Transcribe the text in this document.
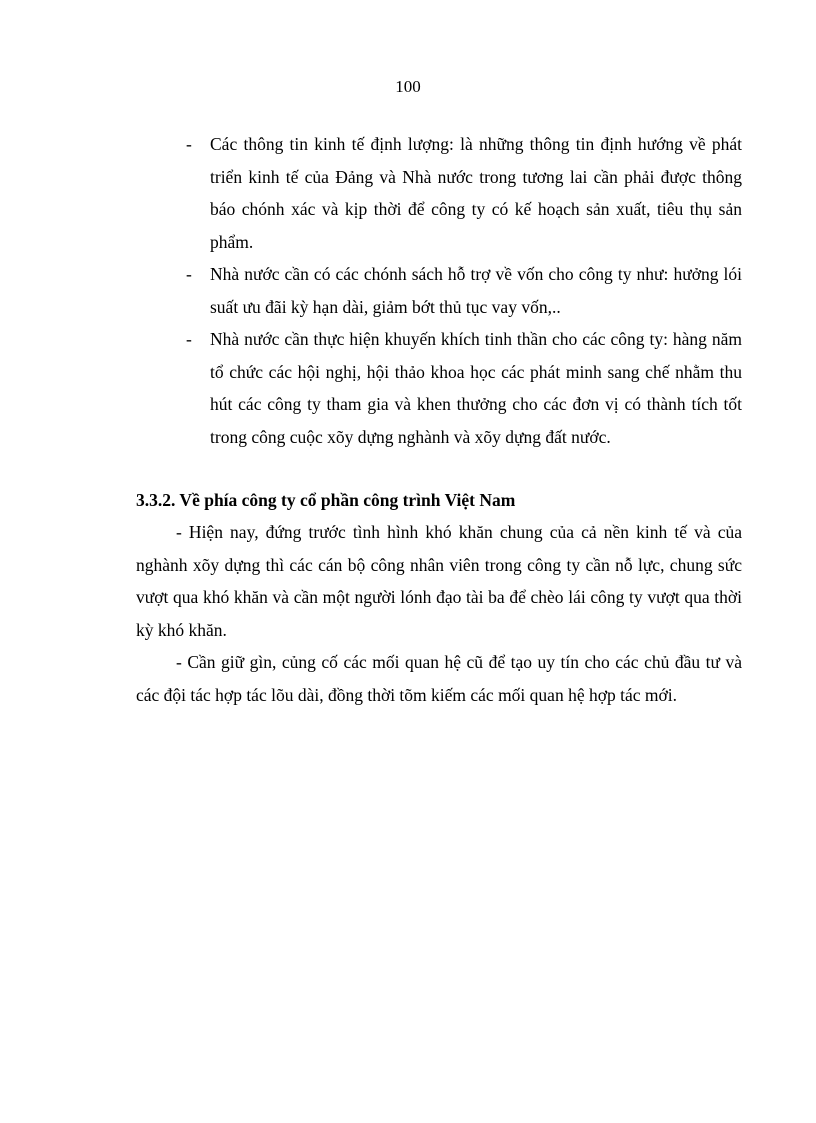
100
- Các thông tin kinh tế định lượng: là những thông tin định hướng về phát triển kinh tế của Đảng và Nhà nước trong tương lai cần phải được thông báo chónh xác và kịp thời để công ty có kế hoạch sản xuất, tiêu thụ sản phẩm.
- Nhà nước cần có các chónh sách hỗ trợ về vốn cho công ty như: hưởng lói suất ưu đãi kỳ hạn dài, giảm bớt thủ tục vay vốn,..
- Nhà nước cần thực hiện khuyến khích tinh thần cho các công ty: hàng năm tổ chức các hội nghị, hội thảo khoa học các phát minh sang chế nhằm thu hút các công ty tham gia và khen thưởng cho các đơn vị có thành tích tốt trong công cuộc xõy dựng nghành và xõy dựng đất nước.
3.3.2. Về phía công ty cổ phần công trình Việt Nam

- Hiện nay, đứng trước tình hình khó khăn chung của cả nền kinh tế và của nghành xõy dựng thì các cán bộ công nhân viên trong công ty cần nỗ lực, chung sức vượt qua khó khăn và cần một người lónh đạo tài ba để chèo lái công ty vượt qua thời kỳ khó khăn.

- Cần giữ gìn, củng cố các mối quan hệ cũ để tạo uy tín cho các chủ đầu tư và các đội tác hợp tác lõu dài, đồng thời tõm kiếm các mối quan hệ hợp tác mới.
